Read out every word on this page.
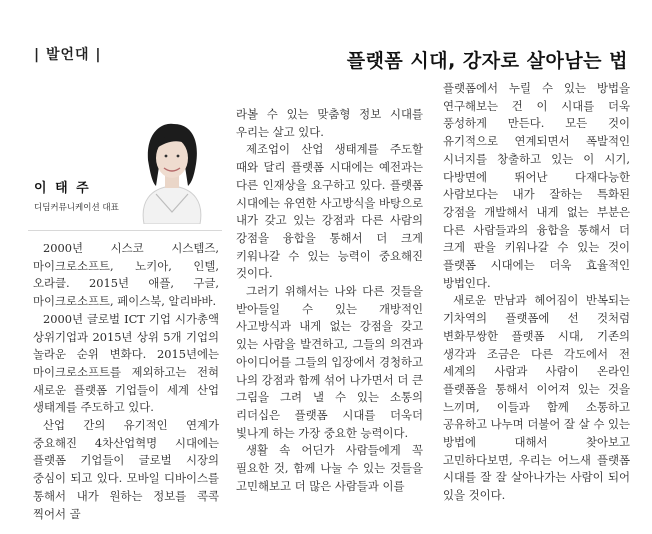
| 발언대 |	플랫폼 시대, 강자로 살아남는 법
이 태 주
디딤커뮤니케이션 대표

2000년 시스코 시스템즈, 마이크로소프트, 노키아, 인텔, 오라클. 2015년 애플, 구글, 마이크로소프트, 페이스북, 알리바바.

2000년 글로벌 ICT 기업 시가총액 상위기업과 2015년 상위 5개 기업의 놀라운 순위 변화다. 2015년에는 마이크로소프트를 제외하고는 전혀 새로운 플랫폼 기업들이 세계 산업 생태계를 주도하고 있다.

산업 간의 유기적인 연계가 중요해진 4차산업혁명 시대에는 플랫폼 기업들이 글로벌 시장의 중심이 되고 있다. 모바일 디바이스를 통해서 내가 원하는 정보를 콕콕 찍어서 골

라볼 수 있는 맞춤형 정보 시대를 우리는 살고 있다.

제조업이 산업 생태계를 주도할 때와 달리 플랫폼 시대에는 예전과는 다른 인재상을 요구하고 있다. 플랫폼 시대에는 유연한 사고방식을 바탕으로 내가 갖고 있는 강점과 다른 사람의 강점을 융합을 통해서 더 크게 키워나갈 수 있는 능력이 중요해진 것이다.

그러기 위해서는 나와 다른 것들을 받아들일 수 있는 개방적인 사고방식과 내게 없는 강점을 갖고 있는 사람을 발견하고, 그들의 의견과 아이디어를 그들의 입장에서 경청하고 나의 강점과 함께 섞어 나가면서 더 큰 그림을 그려 낼 수 있는 소통의 리더십은 플랫폼 시대를 더욱더 빛나게 하는 가장 중요한 능력이다.

생활 속 어딘가 사람들에게 꼭 필요한 것, 함께 나눌 수 있는 것들을 고민해보고 더 많은 사람들과 이를

플랫폼에서 누릴 수 있는 방법을 연구해보는 건 이 시대를 더욱 풍성하게 만든다. 모든 것이 유기적으로 연계되면서 폭발적인 시너지를 창출하고 있는 이 시기, 다방면에 뛰어난 다재다능한 사람보다는 내가 잘하는 특화된 강점을 개발해서 내게 없는 부분은 다른 사람들과의 융합을 통해서 더 크게 판을 키워나갈 수 있는 것이 플랫폼 시대에는 더욱 효율적인 방법인다.

새로운 만남과 헤어짐이 반복되는 기차역의 플랫폼에 선 것처럼 변화무쌍한 플랫폼 시대, 기존의 생각과 조금은 다른 각도에서 전 세계의 사람과 사람이 온라인 플랫폼을 통해서 이어져 있는 것을 느끼며, 이들과 함께 소통하고 공유하고 나누며 더불어 잘 살 수 있는 방법에 대해서 찾아보고 고민하다보면, 우리는 어느새 플랫폼 시대를 잘 잘 살아나가는 사람이 되어 있을 것이다.
